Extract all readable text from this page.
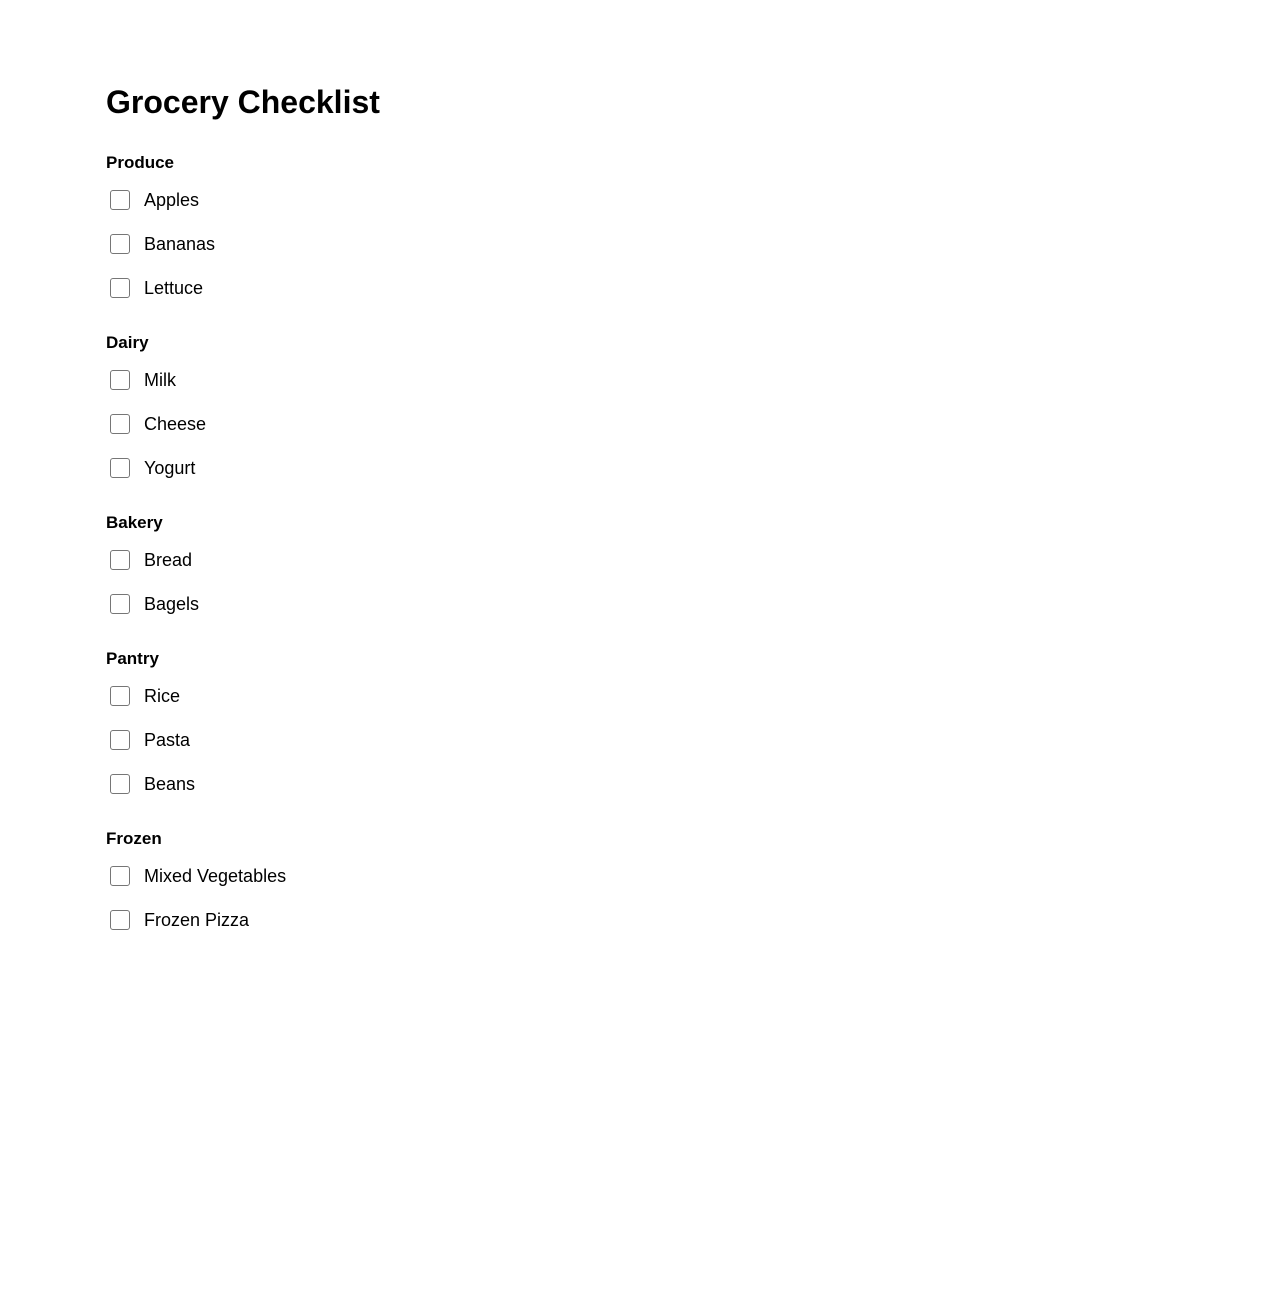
Grocery Checklist
Produce
Apples
Bananas
Lettuce
Dairy
Milk
Cheese
Yogurt
Bakery
Bread
Bagels
Pantry
Rice
Pasta
Beans
Frozen
Mixed Vegetables
Frozen Pizza
